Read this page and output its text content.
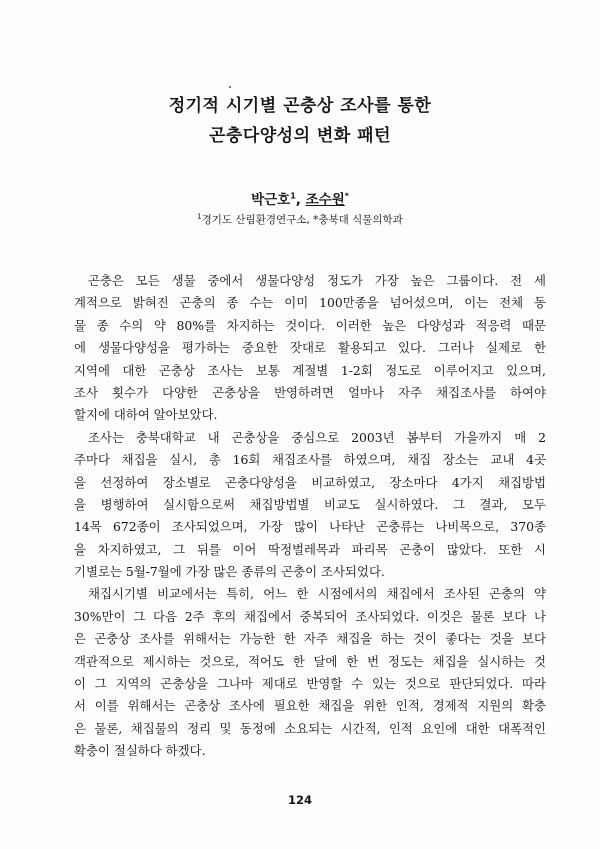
정기적 시기별 곤충상 조사를 통한
곤충다양성의 변화 패턴
박근호$^1$, 조수원*
$^1$경기도 산림환경연구소, *충북대 식물의학과
곤충은 모든 생물 중에서 생물다양성 정도가 가장 높은 그룹이다. 전 세
계적으로 밝혀진 곤충의 종 수는 이미 100만종을 넘어섰으며, 이는 전체 동
물 종 수의 약 80%를 차지하는 것이다. 이러한 높은 다양성과 적응력 때문
에 생물다양성을 평가하는 중요한 잣대로 활용되고 있다. 그러나 실제로 한
지역에 대한 곤충상 조사는 보통 계절별 1-2회 정도로 이루어지고 있으며,
조사 횟수가 다양한 곤충상을 반영하려면 얼마나 자주 채집조사를 하여야
할지에 대하여 알아보았다.
조사는 충북대학교 내 곤충상을 중심으로 2003년 봄부터 가을까지 매 2
주마다 채집을 실시, 총 16회 채집조사를 하였으며, 채집 장소는 교내 4곳
을 선정하여 장소별로 곤충다양성을 비교하였고, 장소마다 4가지 채집방법
을 병행하여 실시함으로써 채집방법별 비교도 실시하였다. 그 결과, 모두
14목 672종이 조사되었으며, 가장 많이 나타난 곤충류는 나비목으로, 370종
을 차지하였고, 그 뒤를 이어 딱정벌레목과 파리목 곤충이 많았다. 또한 시
기별로는 5월-7월에 가장 많은 종류의 곤충이 조사되었다.
채집시기별 비교에서는 특히, 어느 한 시점에서의 채집에서 조사된 곤충의 약
30%만이 그 다음 2주 후의 채집에서 중복되어 조사되었다. 이것은 물론 보다 나
은 곤충상 조사를 위해서는 가능한 한 자주 채집을 하는 것이 좋다는 것을 보다
객관적으로 제시하는 것으로, 적어도 한 달에 한 번 정도는 채집을 실시하는 것
이 그 지역의 곤충상을 그나마 제대로 반영할 수 있는 것으로 판단되었다. 따라
서 이를 위해서는 곤충상 조사에 필요한 채집을 위한 인적, 경제적 지원의 확충
은 물론, 채집물의 정리 및 동정에 소요되는 시간적, 인적 요인에 대한 대폭적인
확충이 절실하다 하겠다.
124
